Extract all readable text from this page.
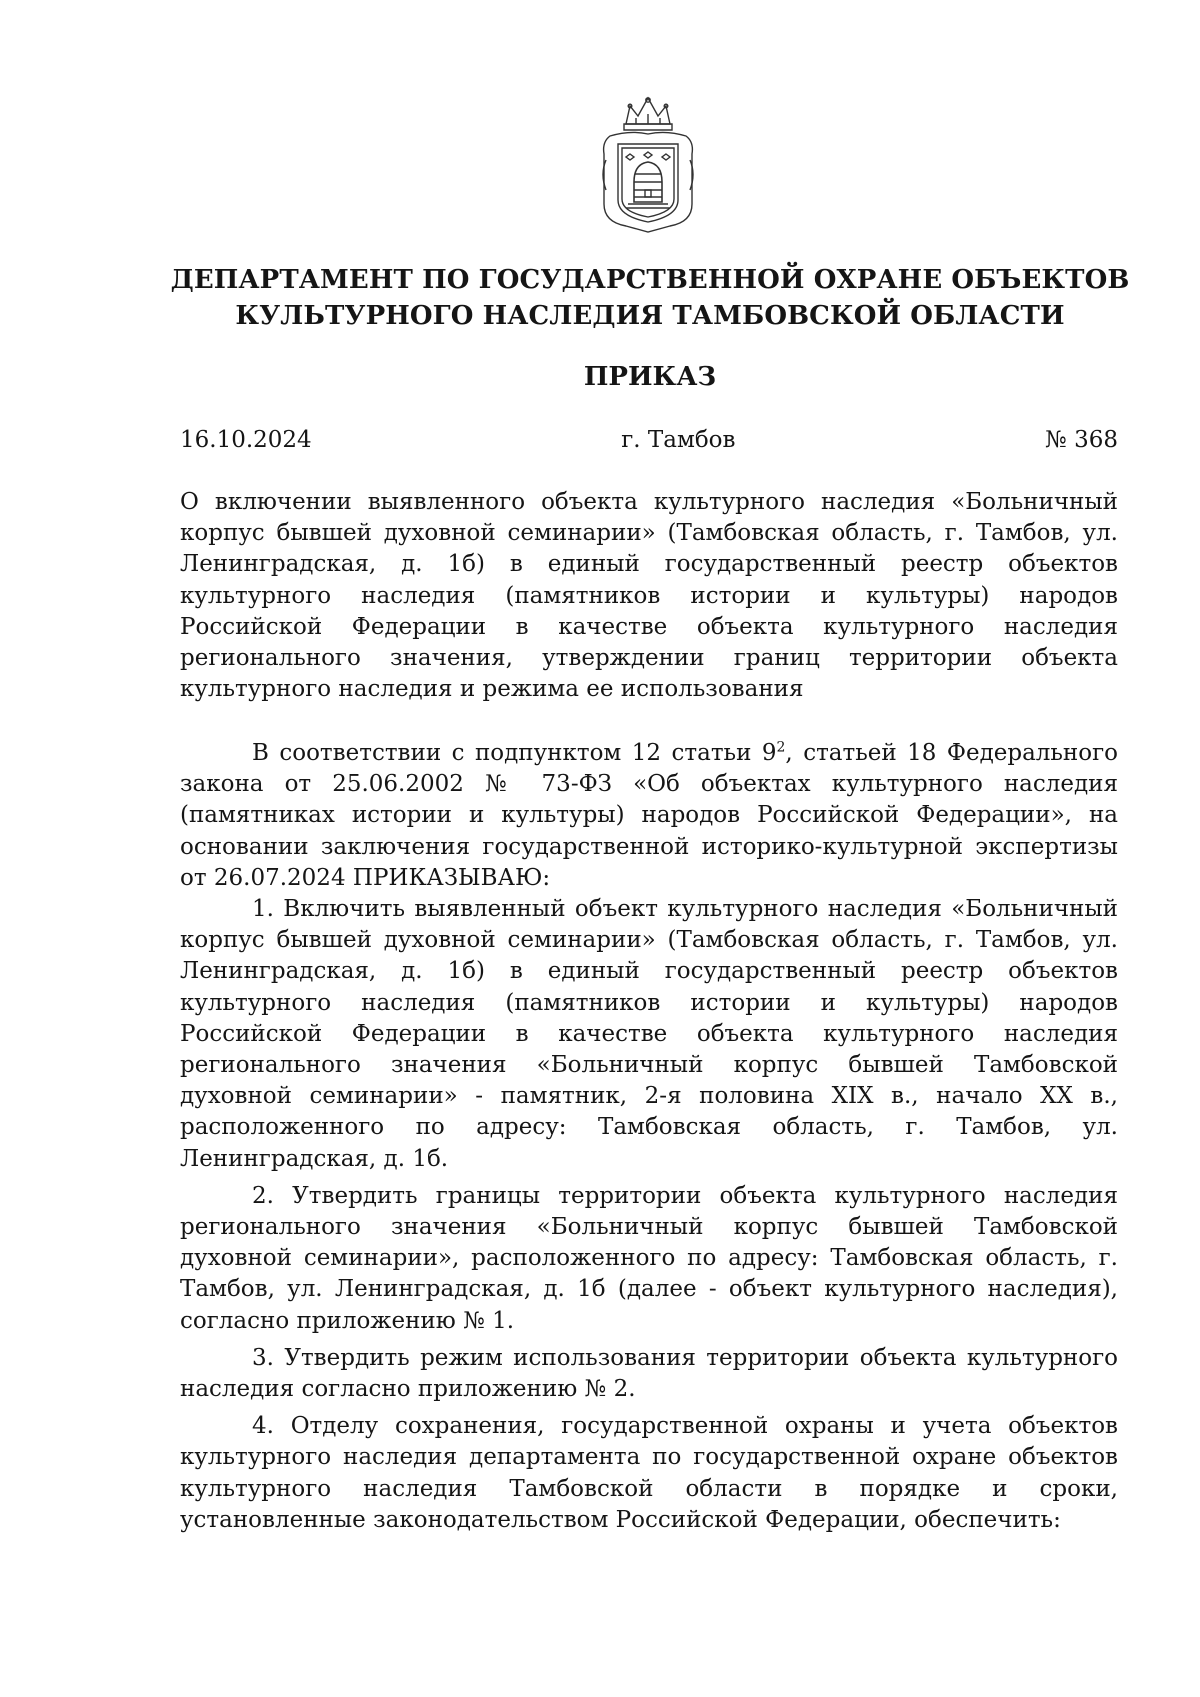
ДЕПАРТАМЕНТ ПО ГОСУДАРСТВЕННОЙ ОХРАНЕ ОБЪЕКТОВ
КУЛЬТУРНОГО НАСЛЕДИЯ ТАМБОВСКОЙ ОБЛАСТИ
ПРИКАЗ
16.10.2024	г. Тамбов	№ 368
О включении выявленного объекта культурного наследия «Больничный корпус бывшей духовной семинарии» (Тамбовская область, г. Тамбов, ул. Ленинградская, д. 1б) в единый государственный реестр объектов культурного наследия (памятников истории и культуры) народов Российской Федерации в качестве объекта культурного наследия регионального значения, утверждении границ территории объекта культурного наследия и режима ее использования

В соответствии с подпунктом 12 статьи $9^2$, статьей 18 Федерального закона от 25.06.2002 № 73-ФЗ «Об объектах культурного наследия (памятниках истории и культуры) народов Российской Федерации», на основании заключения государственной историко-культурной экспертизы от 26.07.2024 ПРИКАЗЫВАЮ:

1. Включить выявленный объект культурного наследия «Больничный корпус бывшей духовной семинарии» (Тамбовская область, г. Тамбов, ул. Ленинградская, д. 1б) в единый государственный реестр объектов культурного наследия (памятников истории и культуры) народов Российской Федерации в качестве объекта культурного наследия регионального значения «Больничный корпус бывшей Тамбовской духовной семинарии» - памятник, 2-я половина XIX в., начало XX в., расположенного по адресу: Тамбовская область, г. Тамбов, ул. Ленинградская, д. 1б.

2. Утвердить границы территории объекта культурного наследия регионального значения «Больничный корпус бывшей Тамбовской духовной семинарии», расположенного по адресу: Тамбовская область, г. Тамбов, ул. Ленинградская, д. 1б (далее - объект культурного наследия), согласно приложению № 1.

3. Утвердить режим использования территории объекта культурного наследия согласно приложению № 2.

4. Отделу сохранения, государственной охраны и учета объектов культурного наследия департамента по государственной охране объектов культурного наследия Тамбовской области в порядке и сроки, установленные законодательством Российской Федерации, обеспечить:
